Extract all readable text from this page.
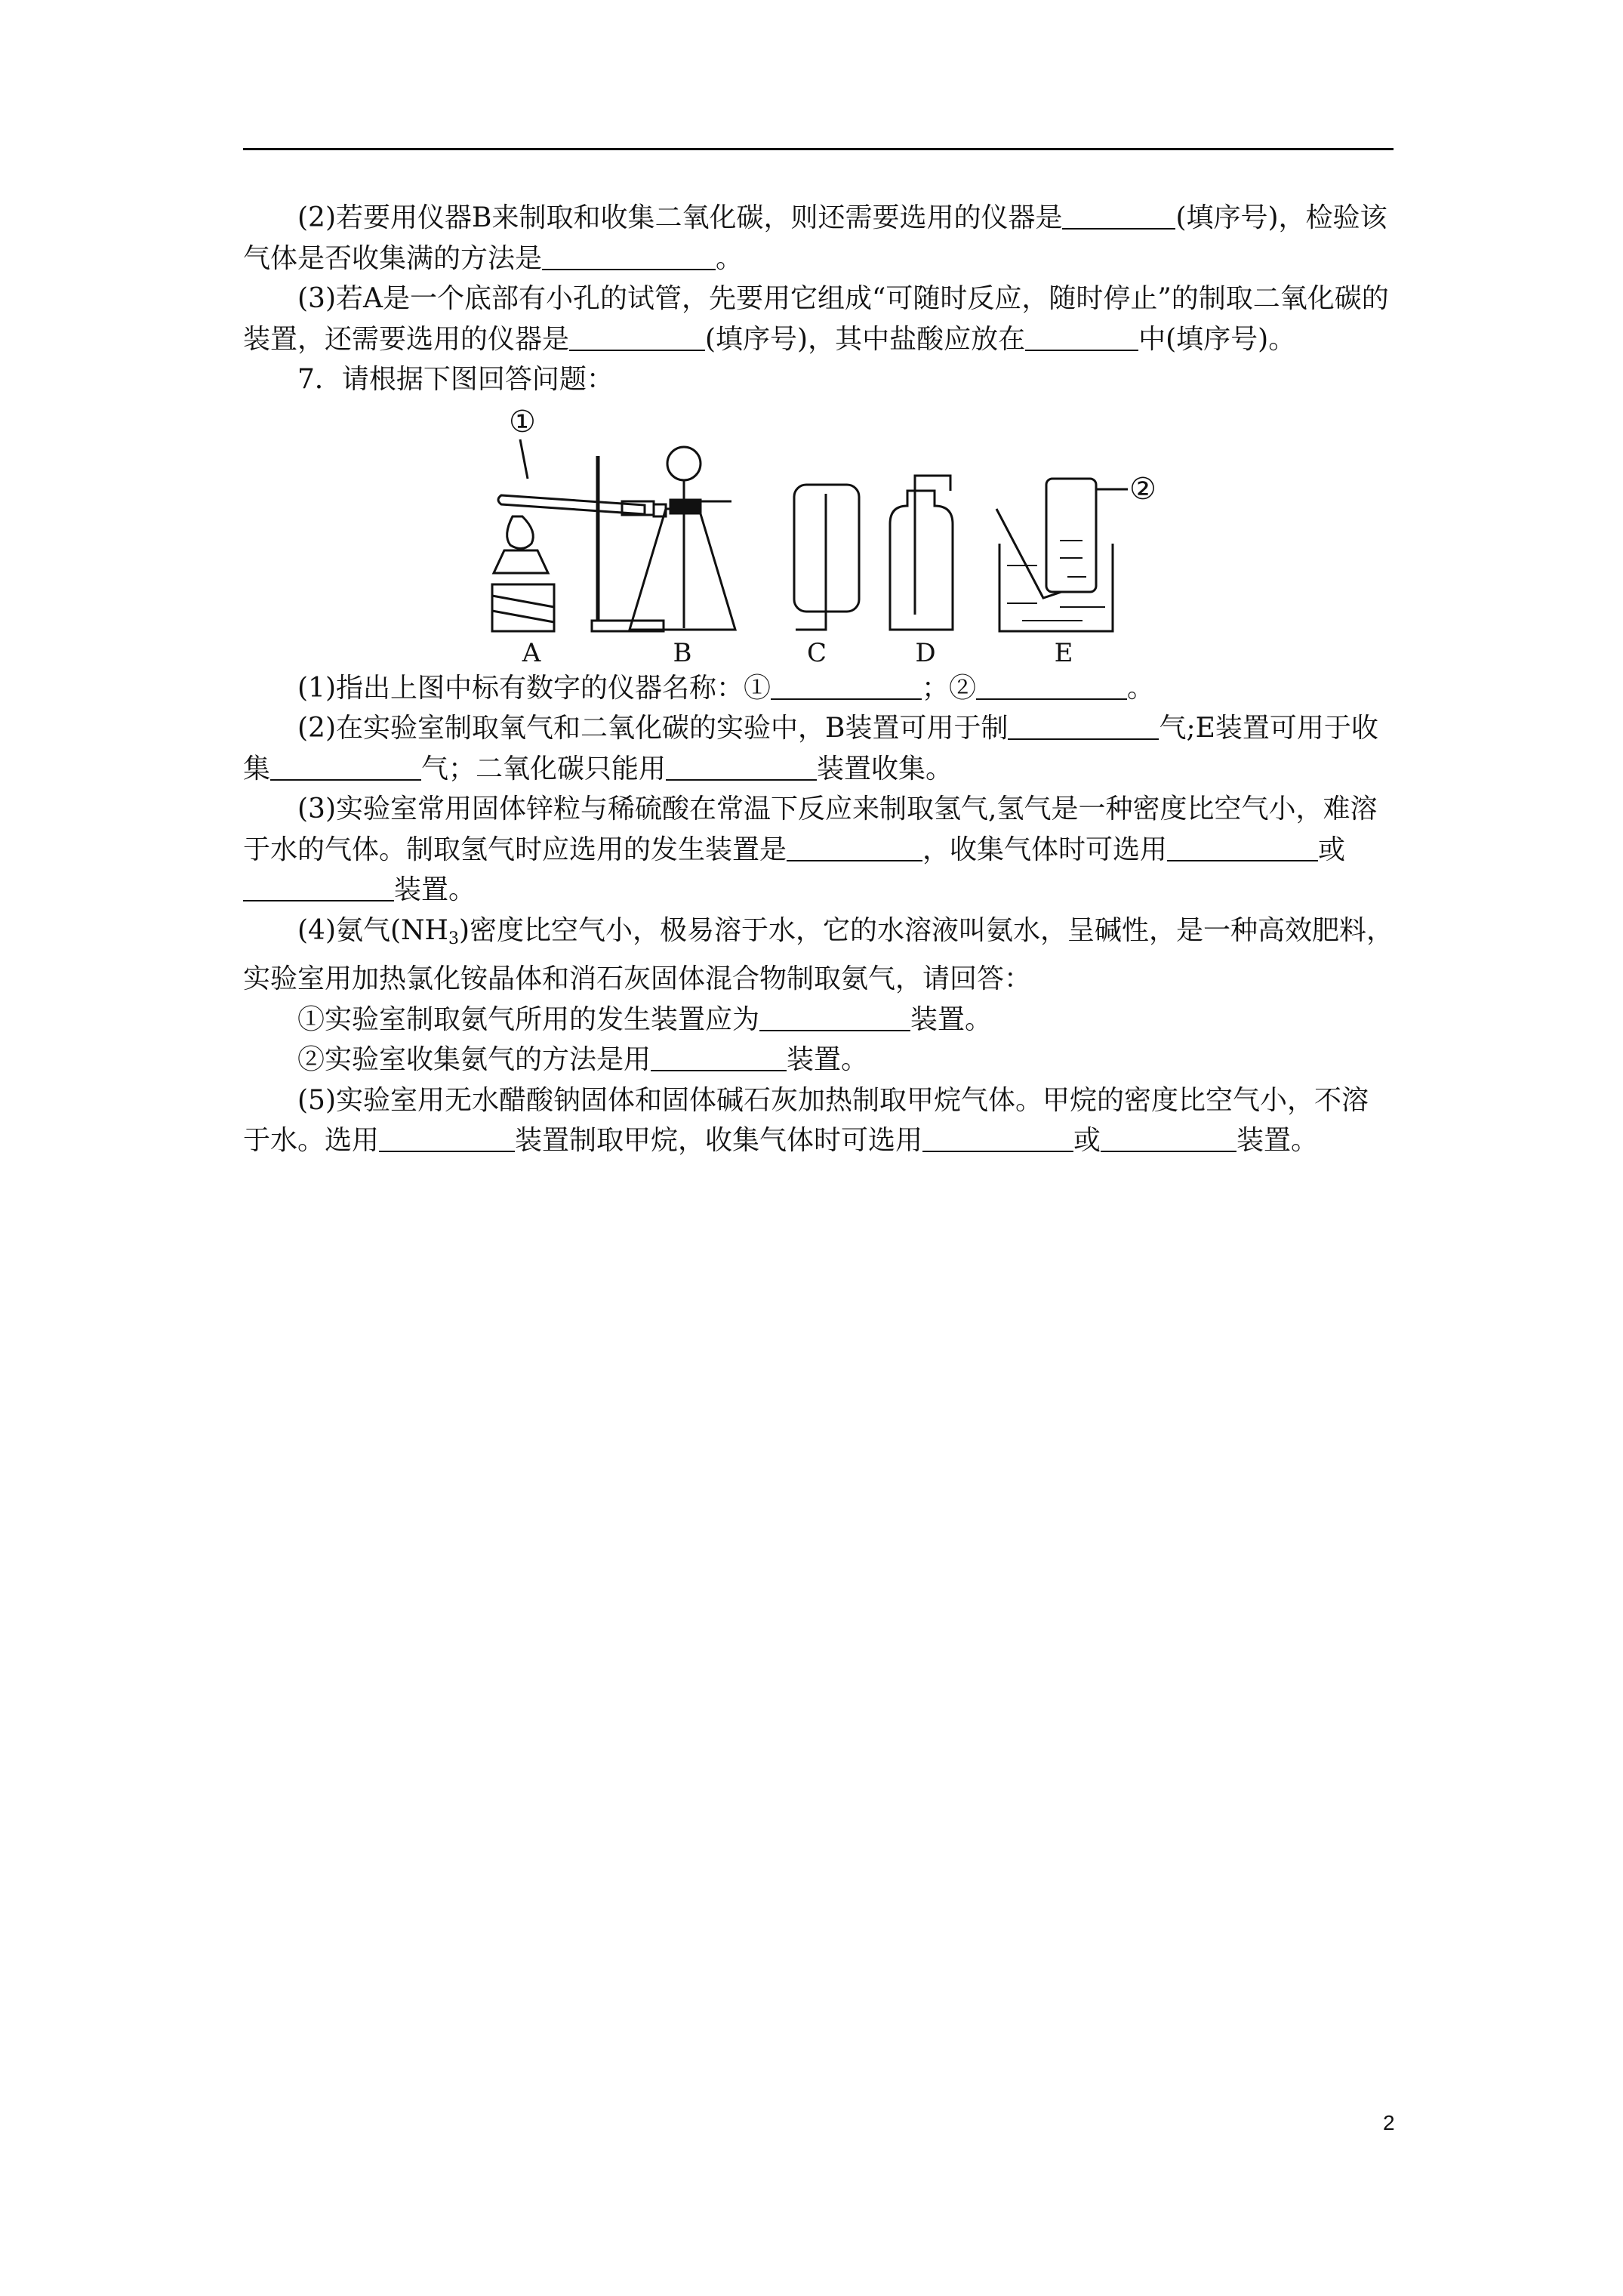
(2)若要用仪器B来制取和收集二氧化碳，则还需要选用的仪器是	(填序号)，检验该气体是否收集满的方法是	。

(3)若A是一个底部有小孔的试管，先要用它组成“可随时反应，随时停止”的制取二氧化碳的装置，还需要选用的仪器是	(填序号)，其中盐酸应放在	中(填序号)。

7．请根据下图回答问题：

①
②
A	B	C	D	E

(1)指出上图中标有数字的仪器名称：①	；②	。

(2)在实验室制取氧气和二氧化碳的实验中，B装置可用于制	气;E装置可用于收集	气；二氧化碳只能用	装置收集。

(3)实验室常用固体锌粒与稀硫酸在常温下反应来制取氢气,氢气是一种密度比空气小，难溶于水的气体。制取氢气时应选用的发生装置是	，收集气体时可选用	或装置。

(4)氨气$(NH_3)$密度比空气小，极易溶于水，它的水溶液叫氨水，呈碱性，是一种高效肥料，实验室用加热氯化铵晶体和消石灰固体混合物制取氨气，请回答：

①实验室制取氨气所用的发生装置应为	装置。

②实验室收集氨气的方法是用	装置。

(5)实验室用无水醋酸钠固体和固体碱石灰加热制取甲烷气体。甲烷的密度比空气小，不溶于水。选用	装置制取甲烷，收集气体时可选用	或	装置。

2
